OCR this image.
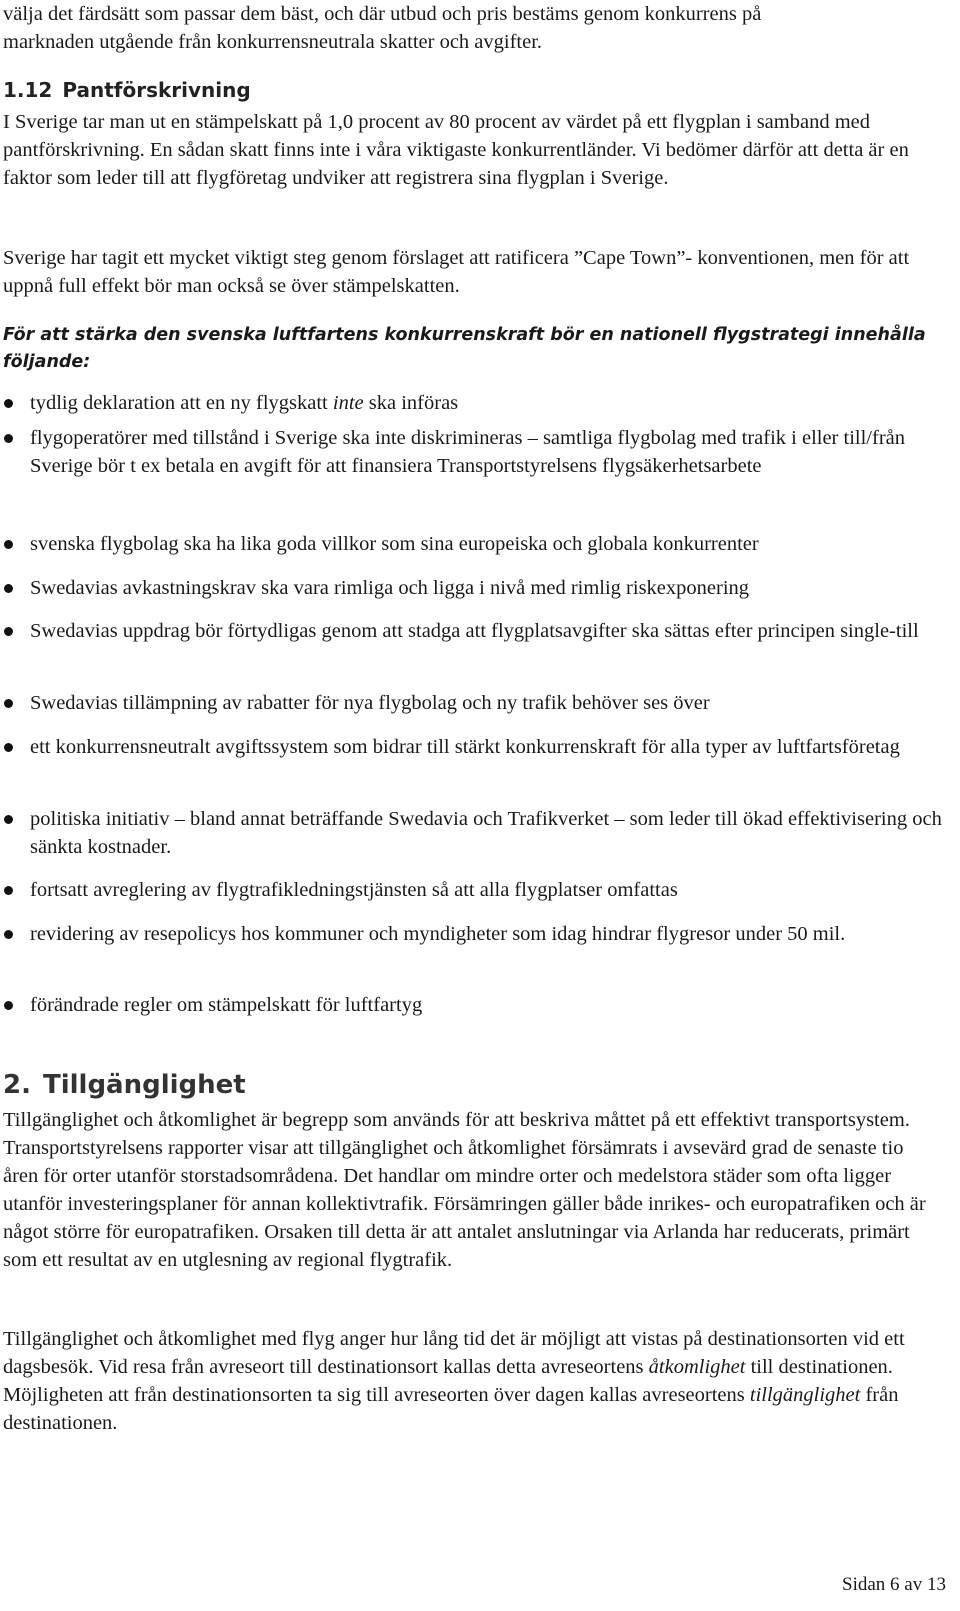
välja det färdsätt som passar dem bäst, och där utbud och pris bestäms genom konkurrens på

marknaden utgående från konkurrensneutrala skatter och avgifter.

1.12 Pantförskrivning

I Sverige tar man ut en stämpelskatt på 1,0 procent av 80 procent av värdet på ett flygplan i samband med pantförskrivning. En sådan skatt finns inte i våra viktigaste konkurrentländer. Vi bedömer därför att detta är en faktor som leder till att flygföretag undviker att registrera sina flygplan i Sverige.

Sverige har tagit ett mycket viktigt steg genom förslaget att ratificera ”Cape Town”- konventionen, men för att uppnå full effekt bör man också se över stämpelskatten.

För att stärka den svenska luftfartens konkurrenskraft bör en nationell flygstrategi innehålla följande:

tydlig deklaration att en ny flygskatt inte ska införas
flygoperatörer med tillstånd i Sverige ska inte diskrimineras – samtliga flygbolag med trafik i eller till/från Sverige bör t ex betala en avgift för att finansiera Transportstyrelsens flygsäkerhetsarbete
svenska flygbolag ska ha lika goda villkor som sina europeiska och globala konkurrenter
Swedavias avkastningskrav ska vara rimliga och ligga i nivå med rimlig riskexponering
Swedavias uppdrag bör förtydligas genom att stadga att flygplatsavgifter ska sättas efter principen single-till
Swedavias tillämpning av rabatter för nya flygbolag och ny trafik behöver ses över
ett konkurrensneutralt avgiftssystem som bidrar till stärkt konkurrenskraft för alla typer av luftfartsföretag
politiska initiativ – bland annat beträffande Swedavia och Trafikverket – som leder till ökad effektivisering och sänkta kostnader.
fortsatt avreglering av flygtrafikledningstjänsten så att alla flygplatser omfattas
revidering av resepolicys hos kommuner och myndigheter som idag hindrar flygresor under 50 mil.
förändrade regler om stämpelskatt för luftfartyg
2. Tillgänglighet

Tillgänglighet och åtkomlighet är begrepp som används för att beskriva måttet på ett effektivt transportsystem. Transportstyrelsens rapporter visar att tillgänglighet och åtkomlighet försämrats i avsevärd grad de senaste tio åren för orter utanför storstadsområdena. Det handlar om mindre orter och medelstora städer som ofta ligger utanför investeringsplaner för annan kollektivtrafik. Försämringen gäller både inrikes- och europatrafiken och är något större för europatrafiken. Orsaken till detta är att antalet anslutningar via Arlanda har reducerats, primärt som ett resultat av en utglesning av regional flygtrafik.

Tillgänglighet och åtkomlighet med flyg anger hur lång tid det är möjligt att vistas på destinationsorten vid ett dagsbesök. Vid resa från avreseort till destinationsort kallas detta avreseortens åtkomlighet till destinationen. Möjligheten att från destinationsorten ta sig till avreseorten över dagen kallas avreseortens tillgänglighet från destinationen.

Sidan 6 av 13
